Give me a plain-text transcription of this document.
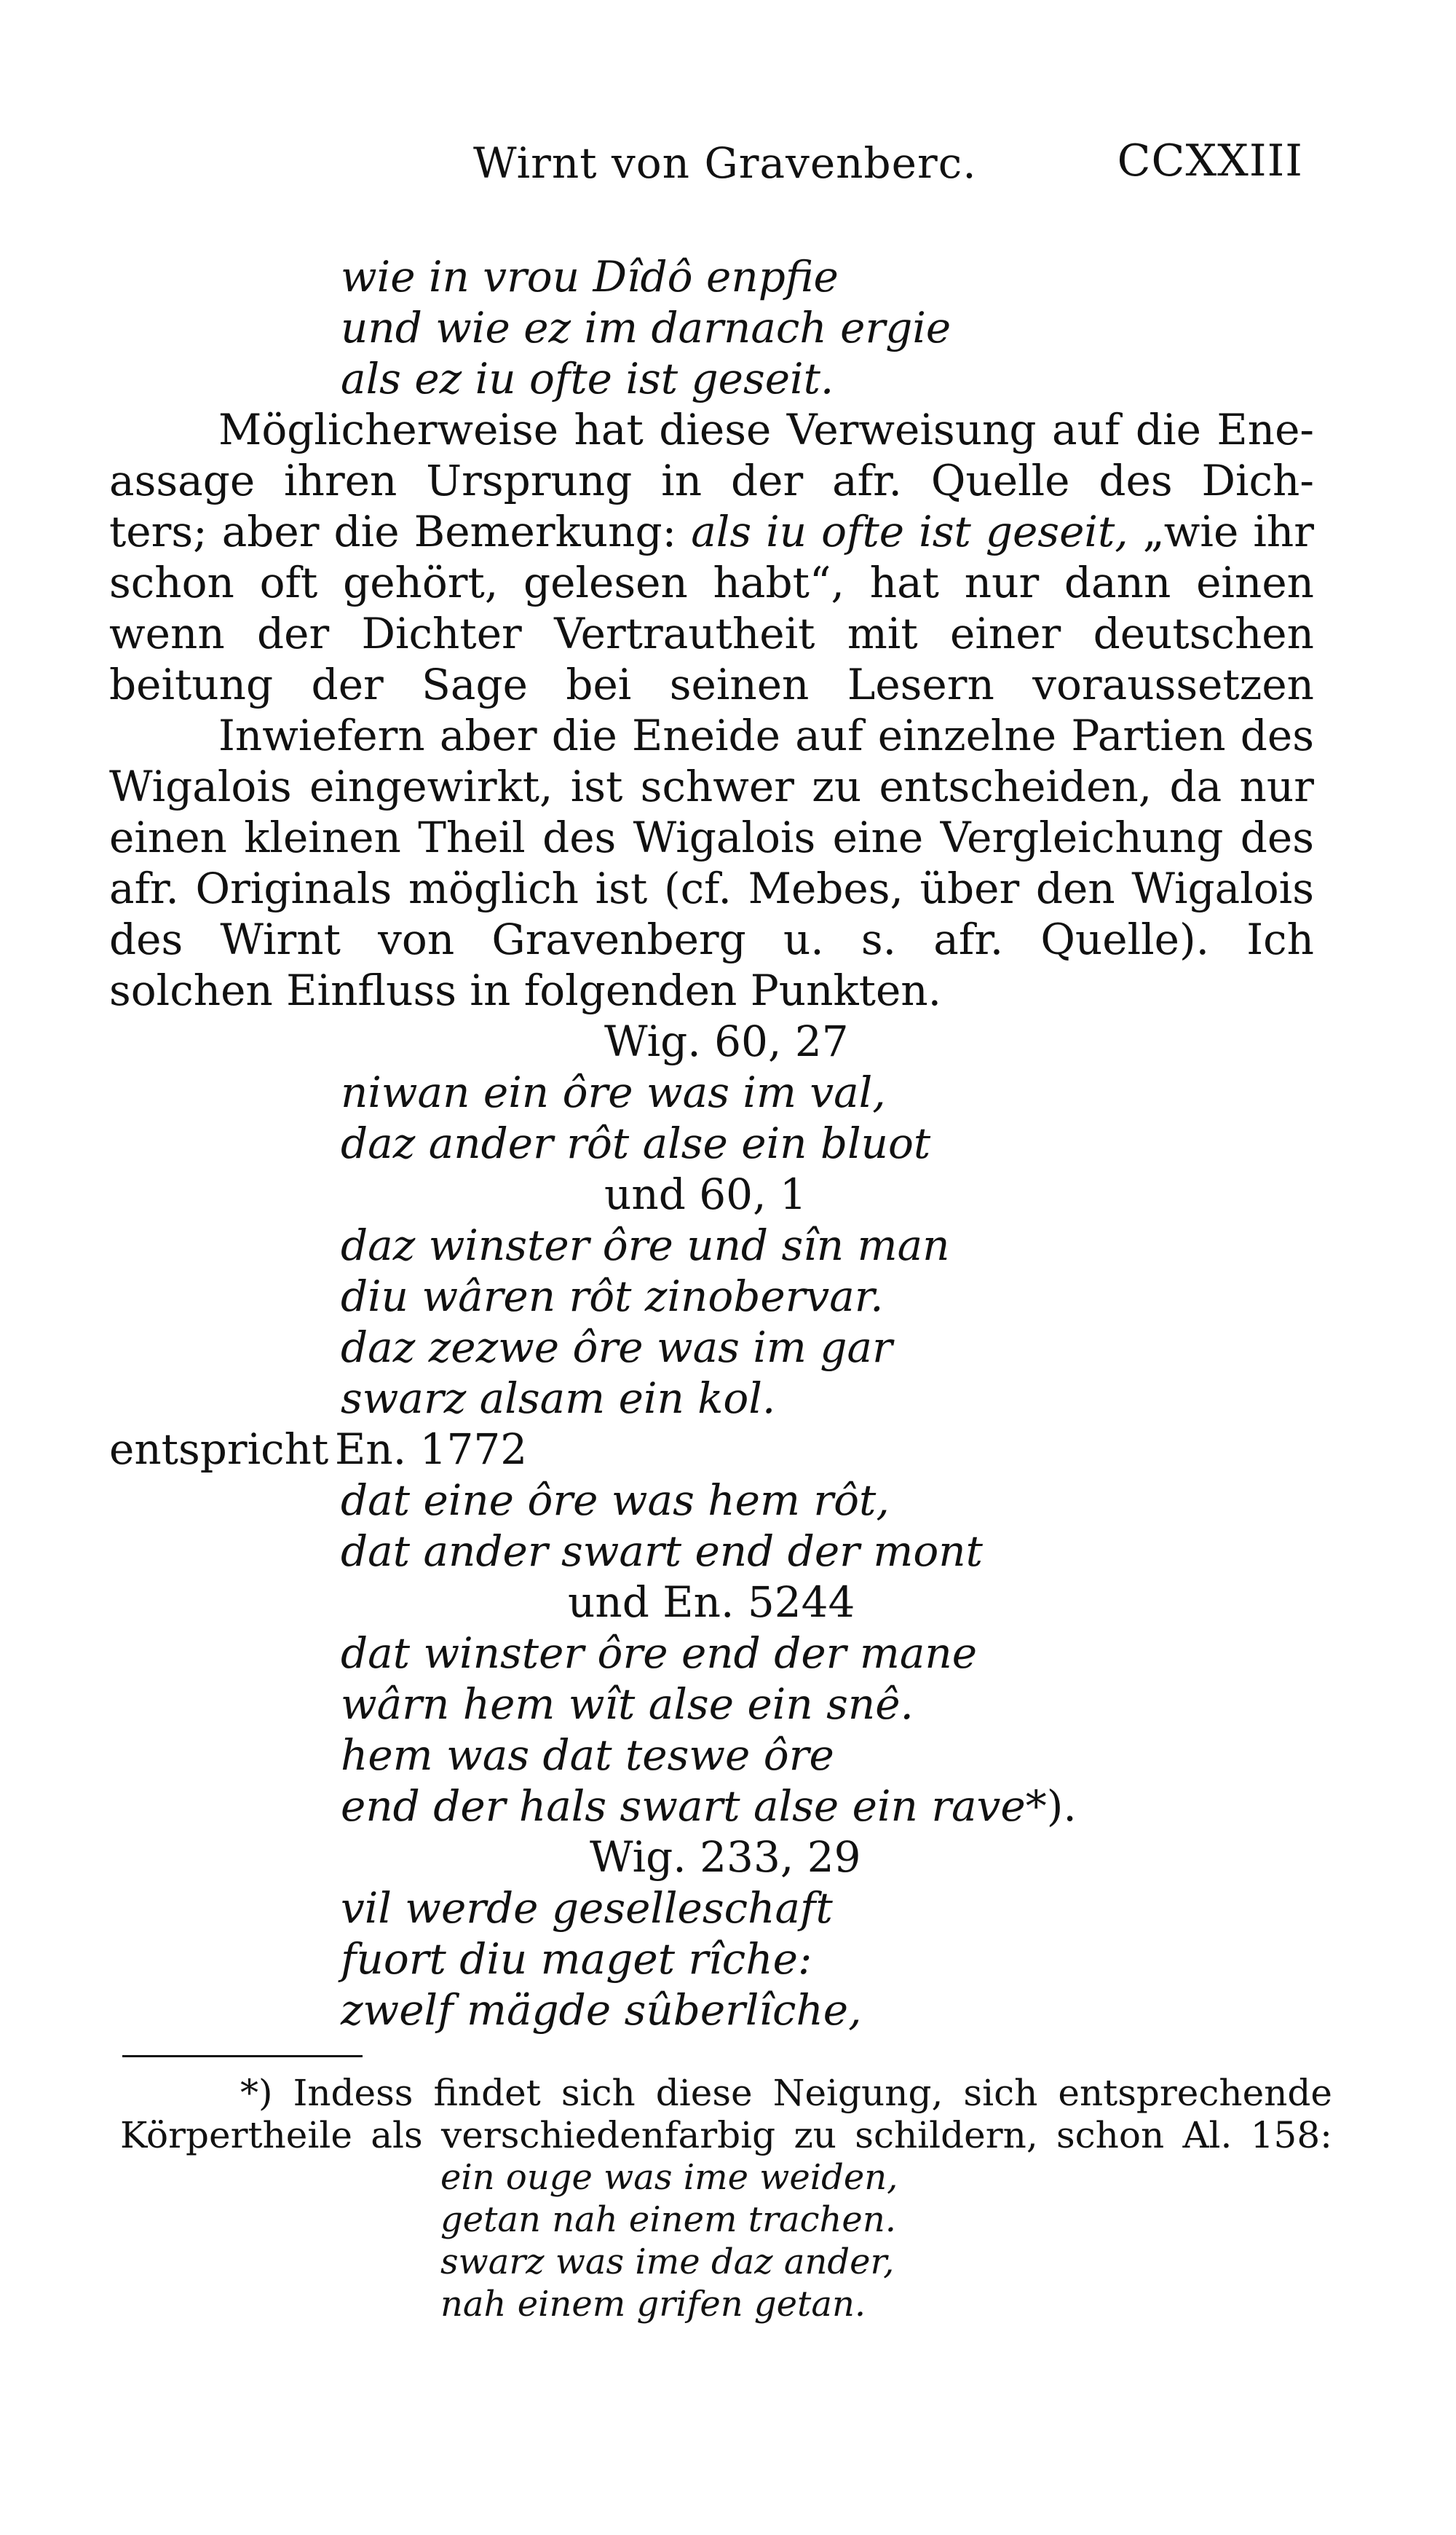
Wirnt von Gravenberc.	CCXXIII
wie in vrou Dîdô enpfie
und wie ez im darnach ergie
als ez iu ofte ist geseit.
Möglicherweise hat diese Verweisung auf die Ene-
assage ihren Ursprung in der afr. Quelle des Dich-
ters; aber die Bemerkung: als iu ofte ist geseit, „wie ihr
schon oft gehört, gelesen habt“, hat nur dann einen
wenn der Dichter Vertrautheit mit einer deutschen
beitung der Sage bei seinen Lesern voraussetzen
Inwiefern aber die Eneide auf einzelne Partien des
Wigalois eingewirkt, ist schwer zu entscheiden, da nur
einen kleinen Theil des Wigalois eine Vergleichung des
afr. Originals möglich ist (cf. Mebes, über den Wigalois
des Wirnt von Gravenberg u. s. afr. Quelle). Ich
solchen Einfluss in folgenden Punkten.
Wig. 60, 27
niwan ein ôre was im val,
daz ander rôt alse ein bluot
und 60, 1
daz winster ôre und sîn man
diu wâren rôt zinobervar.
daz zezwe ôre was im gar
swarz alsam ein kol.
entspricht En. 1772
dat eine ôre was hem rôt,
dat ander swart end der mont
und En. 5244
dat winster ôre end der mane
wârn hem wît alse ein snê.
hem was dat teswe ôre
end der hals swart alse ein rave*).
Wig. 233, 29
vil werde geselleschaft
fuort diu maget rîche:
zwelf mägde sûberlîche,
*) Indess findet sich diese Neigung, sich entsprechende
Körpertheile als verschiedenfarbig zu schildern, schon Al. 158:
ein ouge was ime weiden,
getan nah einem trachen.
swarz was ime daz ander,
nah einem grifen getan.
